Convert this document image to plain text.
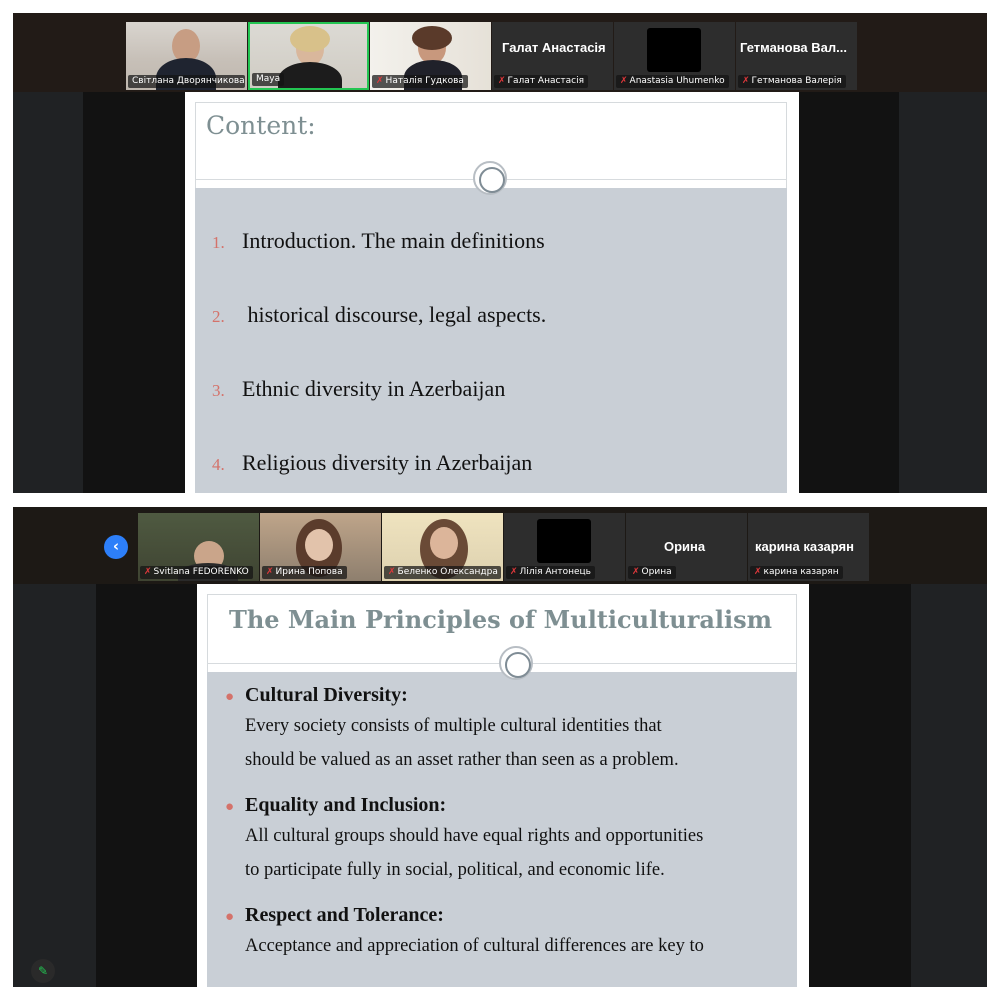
Світлана Дворянчикова	Maya	✗ Наталія Гудкова
Галат Анастасія
✗ Галат Анастасія	✗ Anastasia Uhumenko
Гетманова Вал...
✗ Гетманова Валерія
Content:
1. Introduction. The main definitions
2. historical discourse, legal aspects.
3. Ethnic diversity in Azerbaijan
4. Religious diversity in Azerbaijan
‹
✗ Svitlana FEDORENKO	✗ Ирина Попова	✗ Беленко Олександра	✗ Лілія Антонець
Орина
✗ Орина
карина казарян
✗ карина казарян
The Main Principles of Multiculturalism
● Cultural Diversity:
Every society consists of multiple cultural identities that
should be valued as an asset rather than seen as a problem.
● Equality and Inclusion:
All cultural groups should have equal rights and opportunities
to participate fully in social, political, and economic life.
● Respect and Tolerance:
Acceptance and appreciation of cultural differences are key to
✎
